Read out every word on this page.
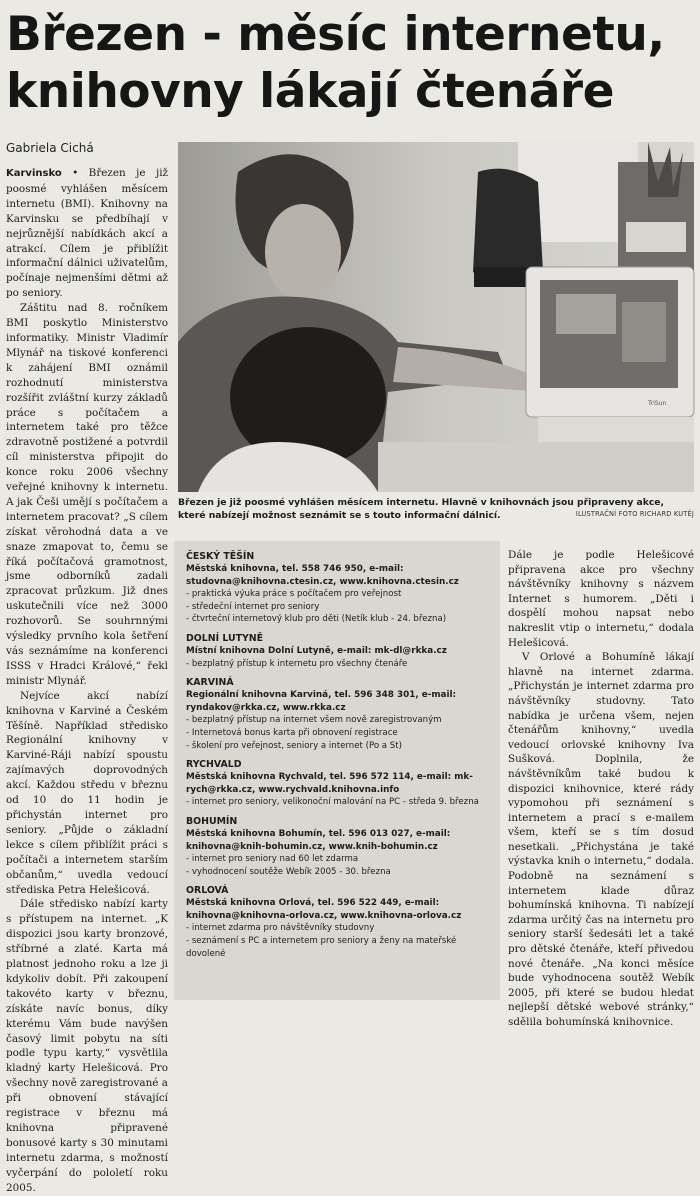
Březen - měsíc internetu,
knihovny lákají čtenáře
Gabriela Cichá

Karvinsko • Březen je již poosmé vyhlášen měsícem internetu (BMI). Knihovny na Karvinsku se předbíhají v nejrůznější nabídkách akcí a atrakcí. Cílem je přiblížit informační dálnici uživatelům, počínaje nejmenšími dětmi až po seniory.

Záštitu nad 8. ročníkem BMI poskytlo Ministerstvo informatiky. Ministr Vladimír Mlynář na tiskové konferenci k zahájení BMI oznámil rozhodnutí ministerstva rozšířit zvláštní kurzy základů práce s počítačem a internetem také pro těžce zdravotně postižené a potvrdil cíl ministerstva připojit do konce roku 2006 všechny veřejné knihovny k internetu. A jak Češi umějí s počítačem a internetem pracovat? „S cílem získat věrohodná data a ve snaze zmapovat to, čemu se říká počítačová gramotnost, jsme odborníků zadali zpracovat průzkum. Již dnes uskutečnili více než 3000 rozhovorů. Se souhrnnými výsledky prvního kola šetření vás seznámíme na konferenci ISSS v Hradci Králové,“ řekl ministr Mlynář.

Nejvíce akcí nabízí knihovna v Karviné a Českém Těšíně. Například středisko Regionální knihovny v Karviné-Ráji nabízí spoustu zajímavých doprovodných akcí. Každou středu v březnu od 10 do 11 hodin je přichystán internet pro seniory. „Půjde o základní lekce s cílem přiblížit práci s počítači a internetem starším občanům,“ uvedla vedoucí střediska Petra Helešicová.

Dále středisko nabízí karty s přístupem na internet. „K dispozici jsou karty bronzové, stříbrné a zlaté. Karta má platnost jednoho roku a lze ji kdykoliv dobít. Při zakoupení takovéto karty v březnu, získáte navíc bonus, díky kterému Vám bude navýšen časový limit pobytu na síti podle typu karty,“ vysvětlila kladný karty Helešicová. Pro všechny nově zaregistrované a při obnovení stávající registrace v březnu má knihovna připravené bonusové karty s 30 minutami internetu zdarma, s možností vyčerpání do pololetí roku 2005.

TriSun
Březen je již poosmé vyhlášen měsícem internetu. Hlavně v knihovnách jsou připraveny akce, které nabízejí možnost seznámit se s touto informační dálnicí.	ILUSTRAČNÍ FOTO RICHARD KUTĚJ
ČESKÝ TĚŠÍN
Městská knihovna, tel. 558 746 950, e-mail: studovna@knihovna.ctesin.cz, www.knihovna.ctesin.cz
- praktická výuka práce s počítačem pro veřejnost
- středeční internet pro seniory
- čtvrteční internetový klub pro děti (Netík klub - 24. března)
DOLNÍ LUTYNĚ
Místní knihovna Dolní Lutyně, e-mail: mk-dl@rkka.cz
- bezplatný přístup k internetu pro všechny čtenáře
KARVINÁ
Regionální knihovna Karviná, tel. 596 348 301, e-mail: ryndakov@rkka.cz, www.rkka.cz
- bezplatný přístup na internet všem nově zaregistrovaným
- Internetová bonus karta při obnovení registrace
- školení pro veřejnost, seniory a internet (Po a St)
RYCHVALD
Městská knihovna Rychvald, tel. 596 572 114, e-mail: mk-rych@rkka.cz, www.rychvald.knihovna.info
- internet pro seniory, velikonoční malování na PC - středa 9. března
BOHUMÍN
Městská knihovna Bohumín, tel. 596 013 027, e-mail: knihovna@knih-bohumin.cz, www.knih-bohumin.cz
- internet pro seniory nad 60 let zdarma
- vyhodnocení soutěže Webík 2005 - 30. března
ORLOVÁ
Městská knihovna Orlová, tel. 596 522 449, e-mail: knihovna@knihovna-orlova.cz, www.knihovna-orlova.cz
- internet zdarma pro návštěvníky studovny
- seznámení s PC a internetem pro seniory a ženy na mateřské dovolené

Dále je podle Helešicové připravena akce pro všechny návštěvníky knihovny s názvem Internet s humorem. „Děti i dospělí mohou napsat nebo nakreslit vtip o internetu,“ dodala Helešicová.

V Orlové a Bohumíně lákají hlavně na internet zdarma. „Přichystán je internet zdarma pro návštěvníky studovny. Tato nabídka je určena všem, nejen čtenářům knihovny,“ uvedla vedoucí orlovské knihovny Iva Sušková. Doplnila, že návštěvníkům také budou k dispozici knihovnice, které rády vypomohou při seznámení s internetem a prací s e-mailem všem, kteří se s tím dosud nesetkali. „Přichystána je také výstavka knih o internetu,“ dodala. Podobně na seznámení s internetem klade důraz bohumínská knihovna. Ti nabízejí zdarma určitý čas na internetu pro seniory starší šedesáti let a také pro dětské čtenáře, kteří přivedou nové čtenáře. „Na konci měsíce bude vyhodnocena soutěž Webík 2005, při které se budou hledat nejlepší dětské webové stránky,“ sdělila bohumínská knihovnice.
